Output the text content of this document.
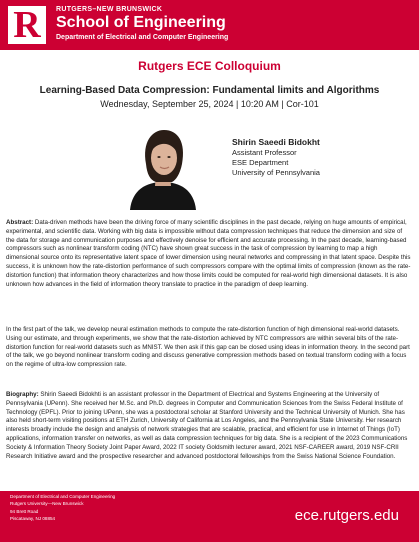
R	RUTGERS–NEW BRUNSWICK
School of Engineering
Department of Electrical and Computer Engineering
Rutgers ECE Colloquium
Learning-Based Data Compression: Fundamental limits and Algorithms
Wednesday, September 25, 2024 | 10:20 AM | Cor-101
Shirin Saeedi Bidokht
Assistant Professor
ESE Department
University of Pennsylvania

Abstract: Data-driven methods have been the driving force of many scientific disciplines in the past decade, relying on huge amounts of empirical, experimental, and scientific data. Working with big data is impossible without data compression techniques that reduce the dimension and size of the data for storage and communication purposes and effectively denoise for efficient and accurate processing. In the past decade, learning-based compressors such as nonlinear transform coding (NTC) have shown great success in the task of compression by learning to map a high dimensional source onto its representative latent space of lower dimension using neural networks and compressing in that latent space. Despite this success, it is unknown how the rate-distortion performance of such compressors compare with the optimal limits of compression (known as the rate-distortion function) that information theory characterizes and how those limits could be computed for real-world high dimensional datasets. It is also unknown how advances in the field of information theory translate to practice in the paradigm of deep learning.

In the first part of the talk, we develop neural estimation methods to compute the rate-distortion function of high dimensional real-world datasets. Using our estimate, and through experiments, we show that the rate-distortion achieved by NTC compressors are within several bits of the rate-distortion function for real-world datasets such as MNIST. We then ask if this gap can be closed using ideas in information theory. In the second part of the talk, we go beyond nonlinear transform coding and discuss generative compression methods based on textual transform coding with a focus on the regime of ultra-low compression rate.

Biography: Shirin Saeedi Bidokhti is an assistant professor in the Department of Electrical and Systems Engineering at the University of Pennsylvania (UPenn). She received her M.Sc. and Ph.D. degrees in Computer and Communication Sciences from the Swiss Federal Institute of Technology (EPFL). Prior to joining UPenn, she was a postdoctoral scholar at Stanford University and the Technical University of Munich. She has also held short-term visiting positions at ETH Zurich, University of California at Los Angeles, and the Pennsylvania State University. Her research interests broadly include the design and analysis of network strategies that are scalable, practical, and efficient for use in Internet of Things (IoT) applications, information transfer on networks, as well as data compression techniques for big data. She is a recipient of the 2023 Communications Society & Information Theory Society Joint Paper Award, 2022 IT society Goldsmith lecturer award, 2021 NSF-CAREER award, 2019 NSF-CRII Research Initiative award and the prospective researcher and advanced postdoctoral fellowships from the Swiss National Science Foundation.

Department of Electrical and Computer Engineering
Rutgers University—New Brunswick
94 Brett Road
Piscataway, NJ 08854	ece.rutgers.edu
